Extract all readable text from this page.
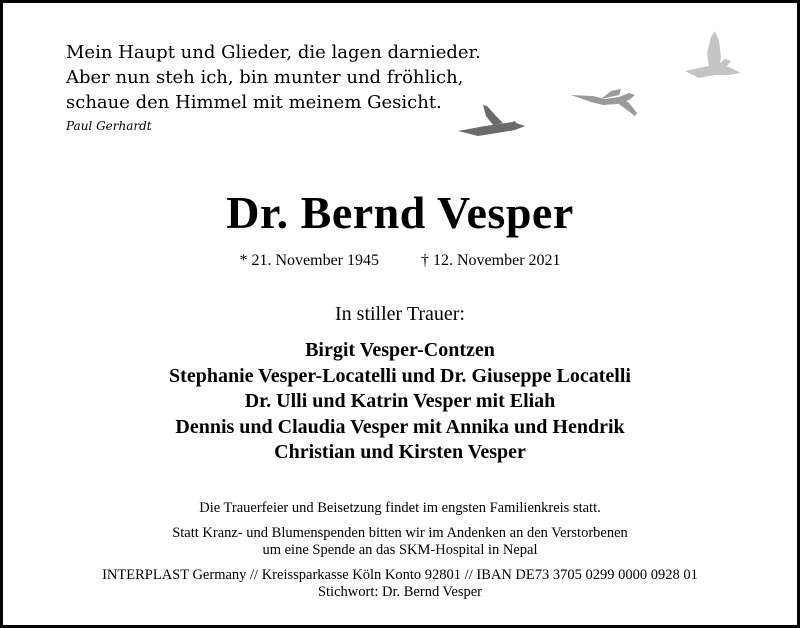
Mein Haupt und Glieder, die lagen darnieder.
Aber nun steh ich, bin munter und fröhlich,
schaue den Himmel mit meinem Gesicht.
Paul Gerhardt
Dr. Bernd Vesper
* 21. November 1945	† 12. November 2021
In stiller Trauer:
Birgit Vesper-Contzen
Stephanie Vesper-Locatelli und Dr. Giuseppe Locatelli
Dr. Ulli und Katrin Vesper mit Eliah
Dennis und Claudia Vesper mit Annika und Hendrik
Christian und Kirsten Vesper
Die Trauerfeier und Beisetzung findet im engsten Familienkreis statt.
Statt Kranz- und Blumenspenden bitten wir im Andenken an den Verstorbenen
um eine Spende an das SKM-Hospital in Nepal
INTERPLAST Germany // Kreissparkasse Köln Konto 92801 // IBAN DE73 3705 0299 0000 0928 01
Stichwort: Dr. Bernd Vesper
